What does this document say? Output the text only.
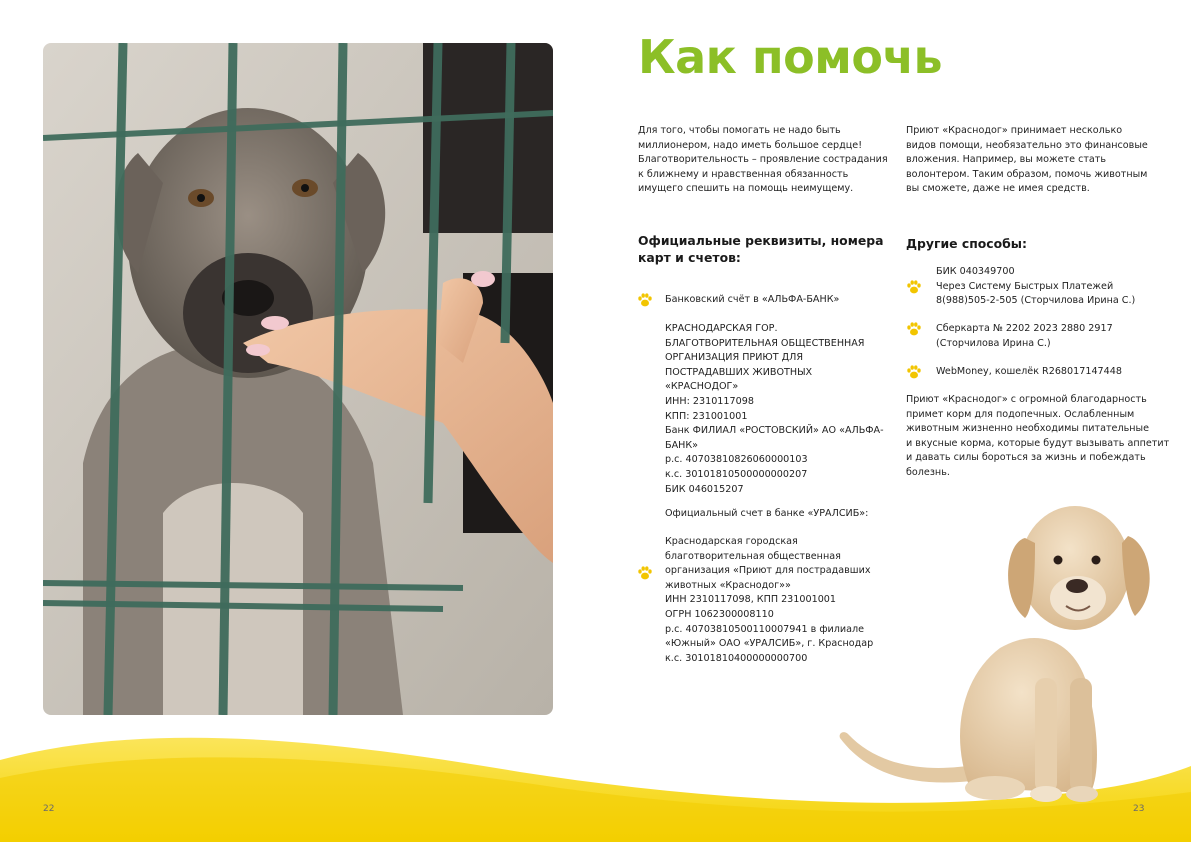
Как помочь
Для того, чтобы помогать не надо быть
миллионером, надо иметь большое сердце!
Благотворительность – проявление сострадания
к ближнему и нравственная обязанность
имущего спешить на помощь неимущему.
Приют «Краснодог» принимает несколько
видов помощи, необязательно это финансовые
вложения. Например, вы можете стать
волонтером. Таким образом, помочь животным
вы сможете, даже не имея средств.
Официальные реквизиты, номера
карт и счетов:
Банковский счёт в «АЛЬФА-БАНК»
КРАСНОДАРСКАЯ ГОР.
БЛАГОТВОРИТЕЛЬНАЯ ОБЩЕСТВЕННАЯ
ОРГАНИЗАЦИЯ ПРИЮТ ДЛЯ
ПОСТРАДАВШИХ ЖИВОТНЫХ
«КРАСНОДОГ»
ИНН: 2310117098
КПП: 231001001
Банк ФИЛИАЛ «РОСТОВСКИЙ» АО «АЛЬФА-
БАНК»
р.с. 40703810826060000103
к.с. 30101810500000000207
БИК 046015207
Официальный счет в банке «УРАЛСИБ»:
Краснодарская городская
благотворительная общественная
организация «Приют для пострадавших
животных «Краснодог»»
ИНН 2310117098, КПП 231001001
ОГРН 1062300008110
р.с. 40703810500110007941 в филиале
«Южный» ОАО «УРАЛСИБ», г. Краснодар
к.с. 30101810400000000700
Другие способы:
БИК 040349700
Через Систему Быстрых Платежей
8(988)505-2-505 (Сторчилова Ирина С.)
Сберкарта № 2202 2023 2880 2917
(Сторчилова Ирина С.)
WebMoney, кошелёк R268017147448
Приют «Краснодог» с огромной благодарность
примет корм для подопечных. Ослабленным
животным жизненно необходимы питательные
и вкусные корма, которые будут вызывать аппетит
и давать силы бороться за жизнь и побеждать
болезнь.
22	23
